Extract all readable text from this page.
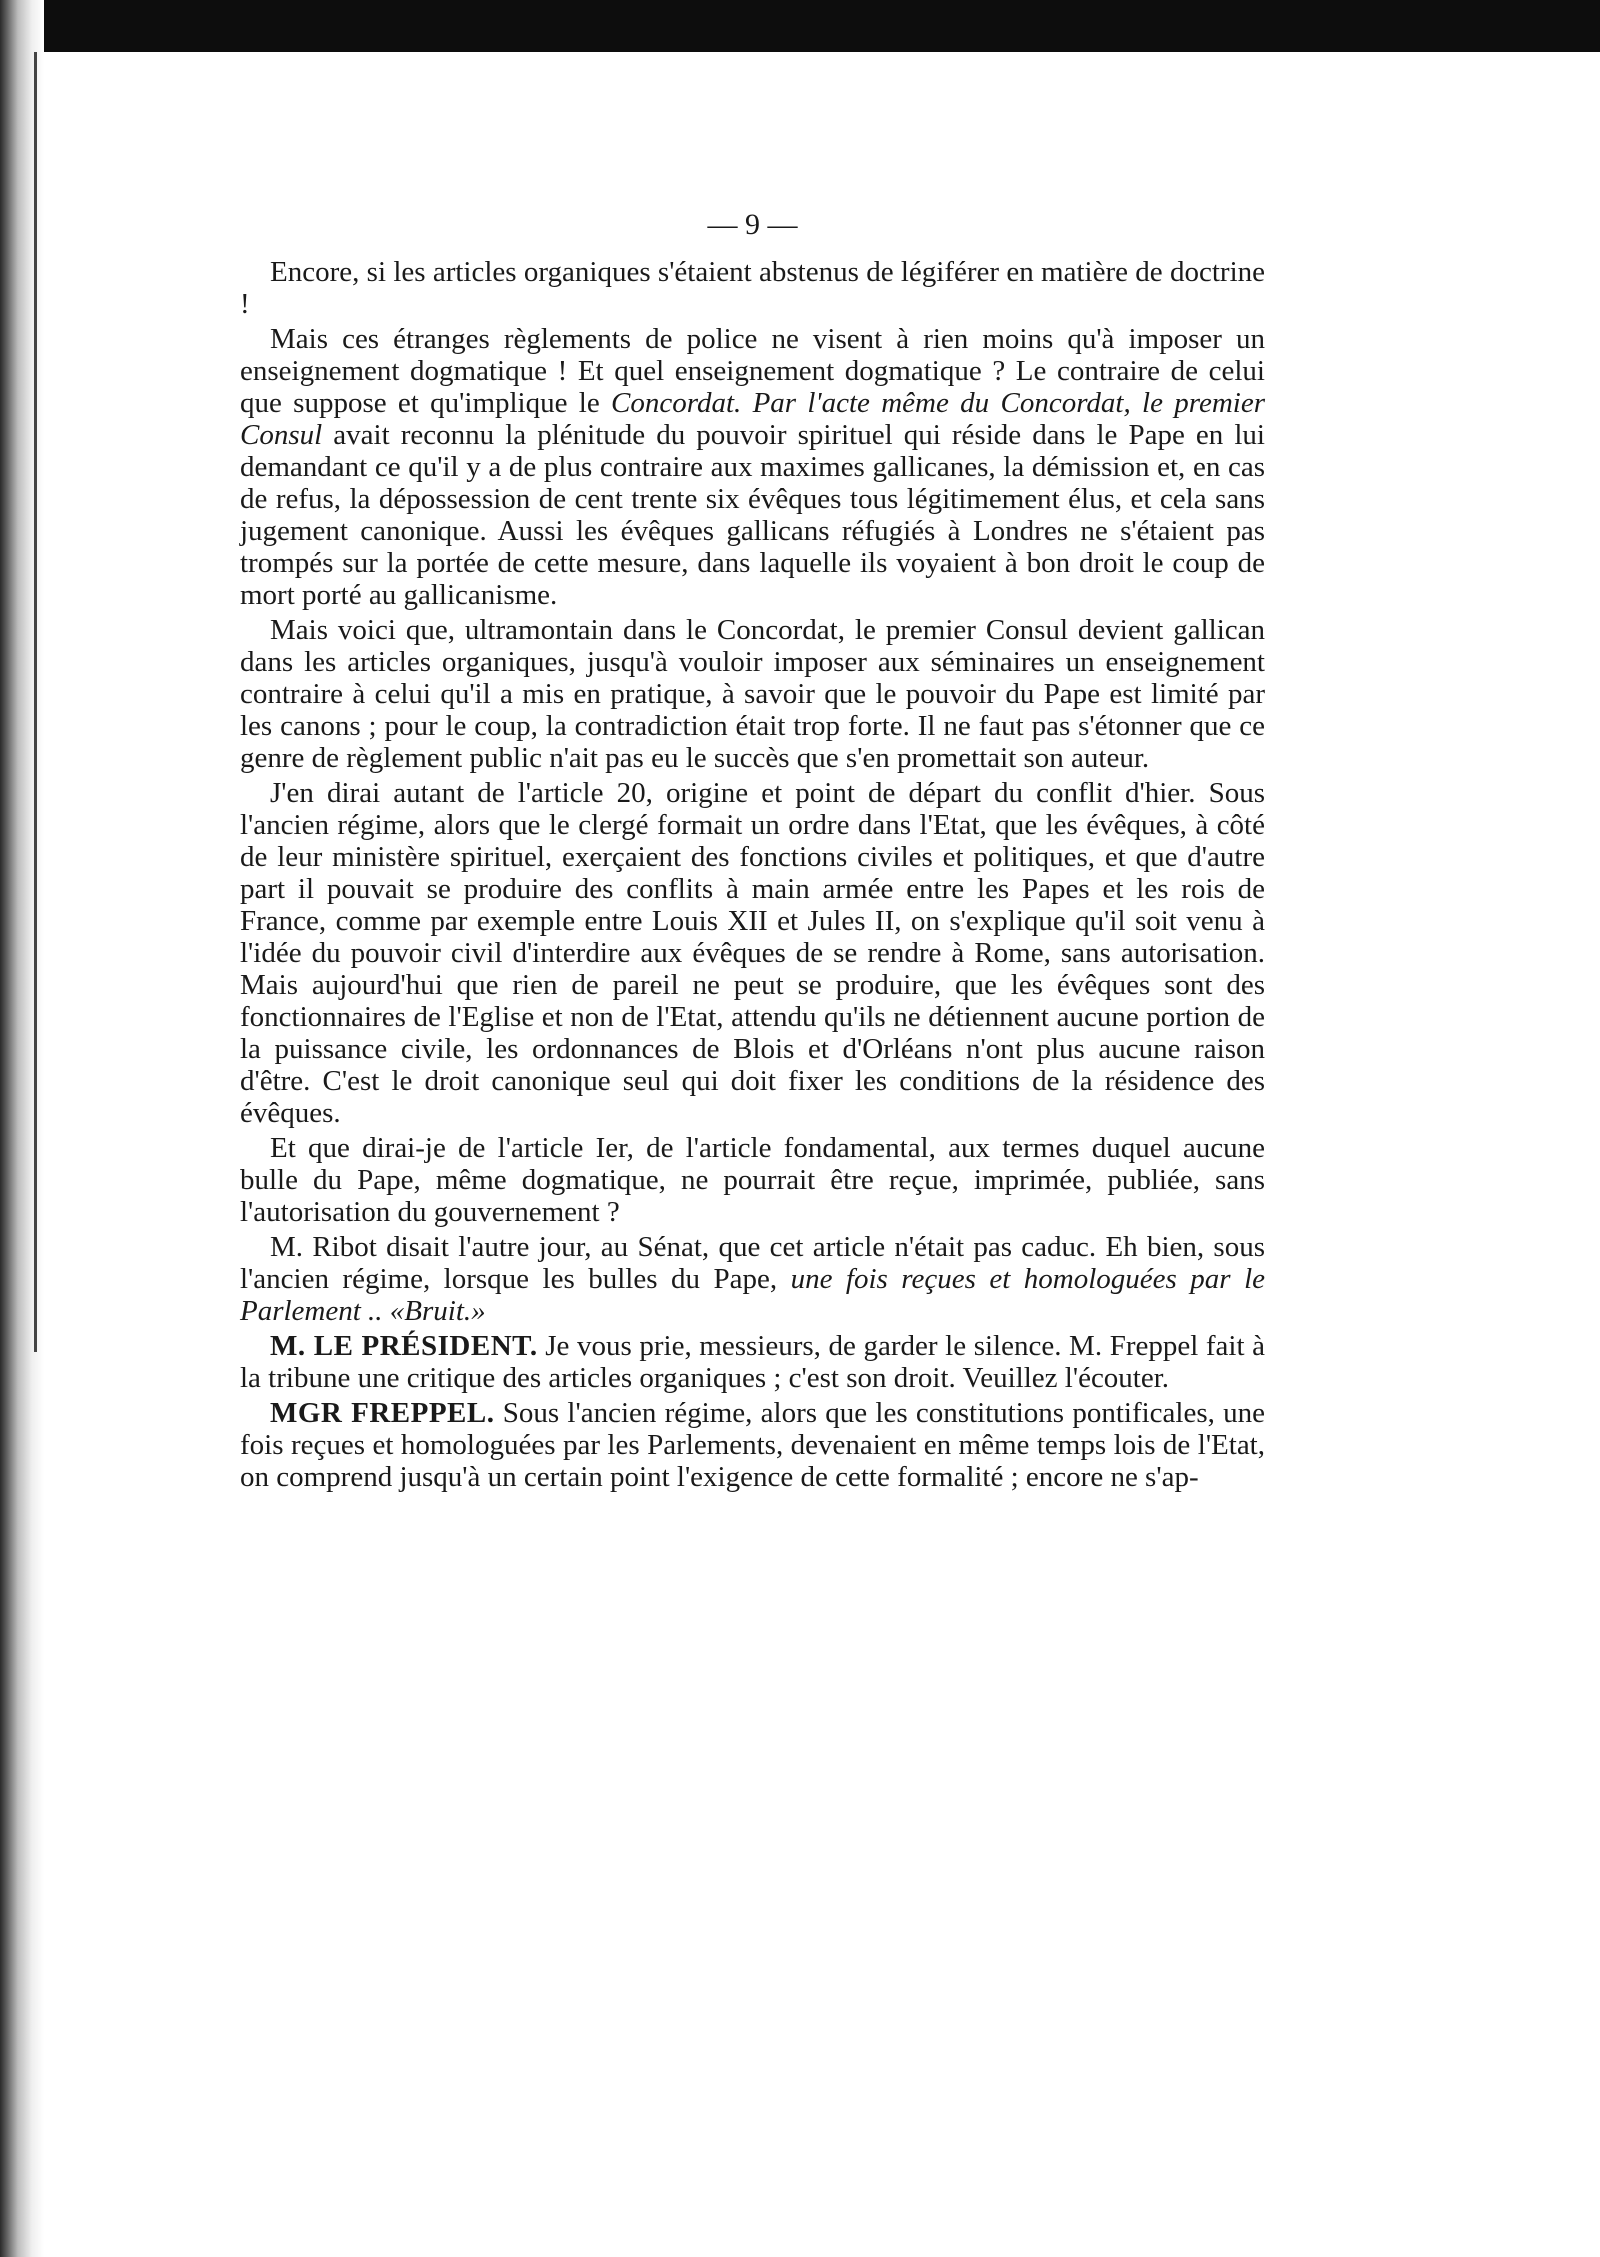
— 9 —

Encore, si les articles organiques s'étaient abstenus de légiférer en matière de doctrine !

Mais ces étranges règlements de police ne visent à rien moins qu'à imposer un enseignement dogmatique ! Et quel enseignement dogmatique ? Le contraire de celui que suppose et qu'implique le Concordat. Par l'acte même du Concordat, le premier Consul avait reconnu la plénitude du pouvoir spirituel qui réside dans le Pape en lui demandant ce qu'il y a de plus contraire aux maximes gallicanes, la démission et, en cas de refus, la dépossession de cent trente six évêques tous légitimement élus, et cela sans jugement canonique. Aussi les évêques gallicans réfugiés à Londres ne s'étaient pas trompés sur la portée de cette mesure, dans laquelle ils voyaient à bon droit le coup de mort porté au gallicanisme.

Mais voici que, ultramontain dans le Concordat, le premier Consul devient gallican dans les articles organiques, jusqu'à vouloir imposer aux séminaires un enseignement contraire à celui qu'il a mis en pratique, à savoir que le pouvoir du Pape est limité par les canons ; pour le coup, la contradiction était trop forte. Il ne faut pas s'étonner que ce genre de règlement public n'ait pas eu le succès que s'en promettait son auteur.

J'en dirai autant de l'article 20, origine et point de départ du conflit d'hier. Sous l'ancien régime, alors que le clergé formait un ordre dans l'Etat, que les évêques, à côté de leur ministère spirituel, exerçaient des fonctions civiles et politiques, et que d'autre part il pouvait se produire des conflits à main armée entre les Papes et les rois de France, comme par exemple entre Louis XII et Jules II, on s'explique qu'il soit venu à l'idée du pouvoir civil d'interdire aux évêques de se rendre à Rome, sans autorisation. Mais aujourd'hui que rien de pareil ne peut se produire, que les évêques sont des fonctionnaires de l'Eglise et non de l'Etat, attendu qu'ils ne détiennent aucune portion de la puissance civile, les ordonnances de Blois et d'Orléans n'ont plus aucune raison d'être. C'est le droit canonique seul qui doit fixer les conditions de la résidence des évêques.

Et que dirai-je de l'article Ier, de l'article fondamental, aux termes duquel aucune bulle du Pape, même dogmatique, ne pourrait être reçue, imprimée, publiée, sans l'autorisation du gouvernement ?

M. Ribot disait l'autre jour, au Sénat, que cet article n'était pas caduc. Eh bien, sous l'ancien régime, lorsque les bulles du Pape, une fois reçues et homologuées par le Parlement .. «Bruit.»

M. LE PRÉSIDENT. Je vous prie, messieurs, de garder le silence. M. Freppel fait à la tribune une critique des articles organiques ; c'est son droit. Veuillez l'écouter.

MGR FREPPEL. Sous l'ancien régime, alors que les constitutions pontificales, une fois reçues et homologuées par les Parlements, devenaient en même temps lois de l'Etat, on comprend jusqu'à un certain point l'exigence de cette formalité ; encore ne s'ap-
